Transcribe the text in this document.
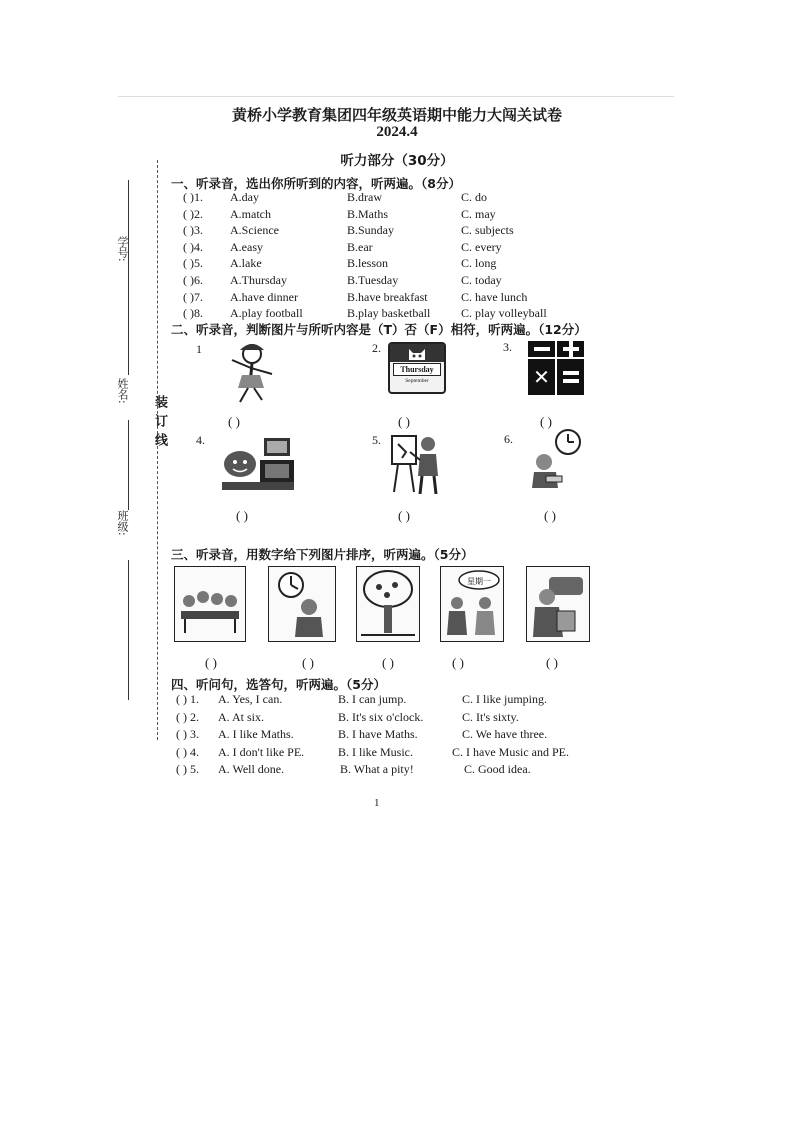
黄桥小学教育集团四年级英语期中能力大闯关试卷
2024.4
听力部分（30分）
学号:
姓名:
班级:
装订线
一、听录音，选出你所听到的内容，听两遍。（8分）
( )1.	A.day	B.draw	C. do
( )2.	A.match	B.Maths	C. may
( )3.	A.Science	B.Sunday	C. subjects
( )4.	A.easy	B.ear	C. every
( )5.	A.lake	B.lesson	C. long
( )6.	A.Thursday	B.Tuesday	C. today
( )7.	A.have dinner	B.have breakfast	C. have lunch
( )8.	A.play football	B.play basketball	C. play volleyball
二、听录音，判断图片与所听内容是（T）否（F）相符，听两遍。（12分）
1	2.	3.
4.	5.	6.
Thursday
September	✕
( )	( )	( )
( )	( )	( )
三、听录音，用数字给下列图片排序，听两遍。（5分）
星期一
( )	( )	( )	( )	( )
四、听问句，选答句，听两遍。（5分）
( ) 1. A. Yes, I can.	B. I can jump.	C. I like jumping.
( ) 2. A. At six.	B. It's six o'clock.	C. It's sixty.
( ) 3. A. I like Maths.	B. I have Maths.	C. We have three.
( ) 4. A. I don't like PE.	B. I like Music.	C. I have Music and PE.
( ) 5. A. Well done.	B. What a pity!	C. Good idea.
1
